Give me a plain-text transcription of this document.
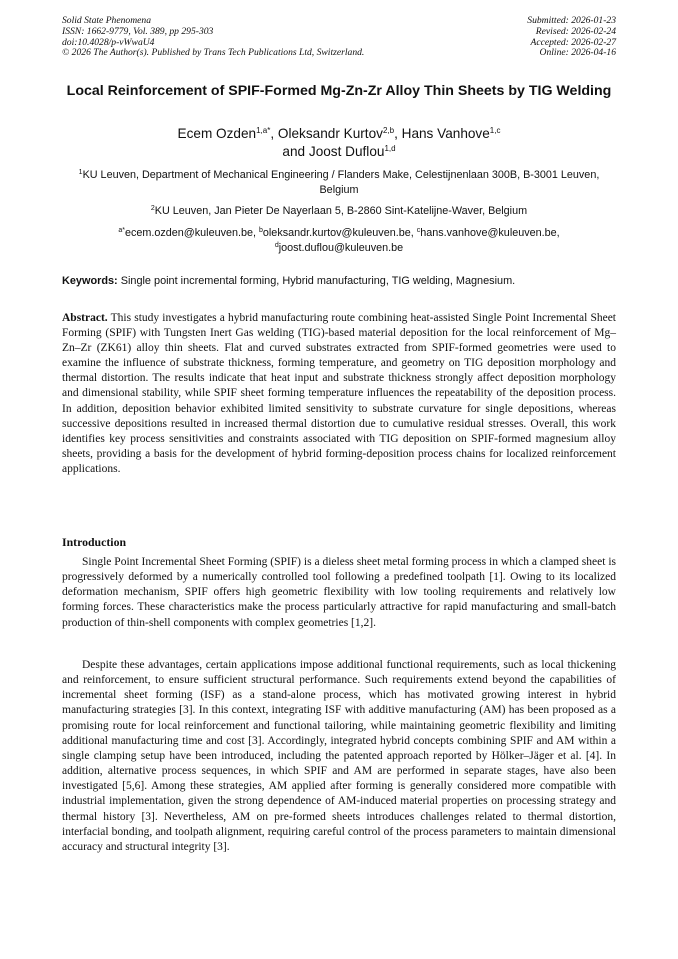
Solid State Phenomena
ISSN: 1662-9779, Vol. 389, pp 295-303
doi:10.4028/p-vWwaU4
© 2026 The Author(s). Published by Trans Tech Publications Ltd, Switzerland.
Submitted: 2026-01-23
Revised: 2026-02-24
Accepted: 2026-02-27
Online: 2026-04-16
Local Reinforcement of SPIF-Formed Mg-Zn-Zr Alloy Thin Sheets by TIG Welding
Ecem Ozden$^{1,a*}$, Oleksandr Kurtov$^{2,b}$, Hans Vanhove$^{1,c}$
and Joost Duflou$^{1,d}$
$^1$KU Leuven, Department of Mechanical Engineering / Flanders Make, Celestijnenlaan 300B, B-3001 Leuven, Belgium
$^2$KU Leuven, Jan Pieter De Nayerlaan 5, B-2860 Sint-Katelijne-Waver, Belgium
$^{a*}$ecem.ozden@kuleuven.be, $^b$oleksandr.kurtov@kuleuven.be, $^c$hans.vanhove@kuleuven.be,
$^d$joost.duflou@kuleuven.be
Keywords: Single point incremental forming, Hybrid manufacturing, TIG welding, Magnesium.
Abstract. This study investigates a hybrid manufacturing route combining heat-assisted Single Point Incremental Sheet Forming (SPIF) with Tungsten Inert Gas welding (TIG)-based material deposition for the local reinforcement of Mg–Zn–Zr (ZK61) alloy thin sheets. Flat and curved substrates extracted from SPIF-formed geometries were used to examine the influence of substrate thickness, forming temperature, and geometry on TIG deposition morphology and thermal distortion. The results indicate that heat input and substrate thickness strongly affect deposition morphology and dimensional stability, while SPIF sheet forming temperature influences the repeatability of the deposition process. In addition, deposition behavior exhibited limited sensitivity to substrate curvature for single depositions, whereas successive depositions resulted in increased thermal distortion due to cumulative residual stresses. Overall, this work identifies key process sensitivities and constraints associated with TIG deposition on SPIF-formed magnesium alloy sheets, providing a basis for the development of hybrid forming-deposition process chains for localized reinforcement applications.
Introduction

Single Point Incremental Sheet Forming (SPIF) is a dieless sheet metal forming process in which a clamped sheet is progressively deformed by a numerically controlled tool following a predefined toolpath [1]. Owing to its localized deformation mechanism, SPIF offers high geometric flexibility with low tooling requirements and relatively low forming forces. These characteristics make the process particularly attractive for rapid manufacturing and small-batch production of thin-shell components with complex geometries [1,2].

Despite these advantages, certain applications impose additional functional requirements, such as local thickening and reinforcement, to ensure sufficient structural performance. Such requirements extend beyond the capabilities of incremental sheet forming (ISF) as a stand-alone process, which has motivated growing interest in hybrid manufacturing strategies [3]. In this context, integrating ISF with additive manufacturing (AM) has been proposed as a promising route for local reinforcement and functional tailoring, while maintaining geometric flexibility and limiting additional manufacturing time and cost [3]. Accordingly, integrated hybrid concepts combining SPIF and AM within a single clamping setup have been introduced, including the patented approach reported by Hölker–Jäger et al. [4]. In addition, alternative process sequences, in which SPIF and AM are performed in separate stages, have also been investigated [5,6]. Among these strategies, AM applied after forming is generally considered more compatible with industrial implementation, given the strong dependence of AM-induced material properties on processing strategy and thermal history [3]. Nevertheless, AM on pre-formed sheets introduces challenges related to thermal distortion, interfacial bonding, and toolpath alignment, requiring careful control of the process parameters to maintain dimensional accuracy and structural integrity [3].
